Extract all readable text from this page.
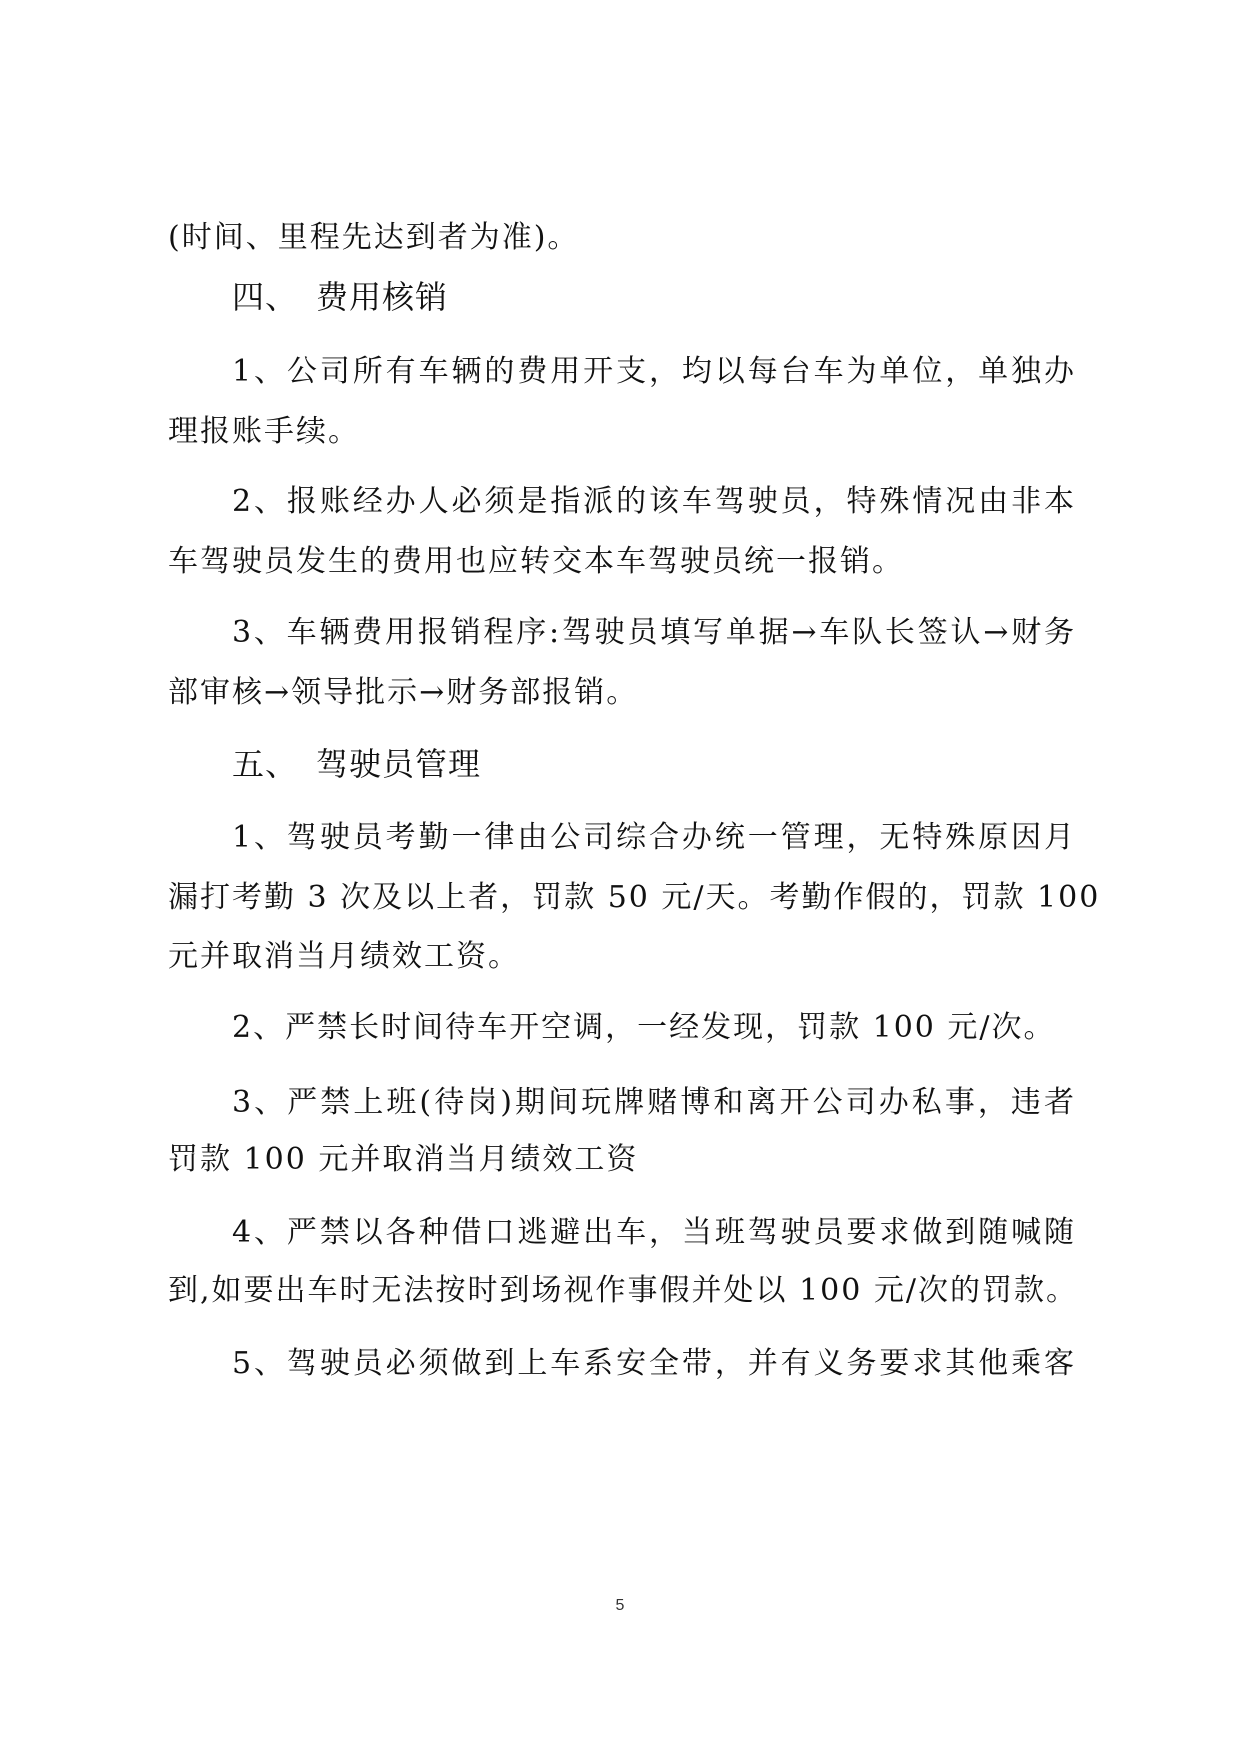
(时间、里程先达到者为准)。
四、 费用核销
1、公司所有车辆的费用开支，均以每台车为单位，单独办
理报账手续。
2、报账经办人必须是指派的该车驾驶员，特殊情况由非本
车驾驶员发生的费用也应转交本车驾驶员统一报销。
3、车辆费用报销程序:驾驶员填写单据→车队长签认→财务
部审核→领导批示→财务部报销。
五、 驾驶员管理
1、驾驶员考勤一律由公司综合办统一管理，无特殊原因月
漏打考勤 3 次及以上者，罚款 50 元/天。考勤作假的，罚款 100
元并取消当月绩效工资。
2、严禁长时间待车开空调，一经发现，罚款 100 元/次。
3、严禁上班(待岗)期间玩牌赌博和离开公司办私事，违者
罚款 100 元并取消当月绩效工资
4、严禁以各种借口逃避出车，当班驾驶员要求做到随喊随
到,如要出车时无法按时到场视作事假并处以 100 元/次的罚款。
5、驾驶员必须做到上车系安全带，并有义务要求其他乘客
5
